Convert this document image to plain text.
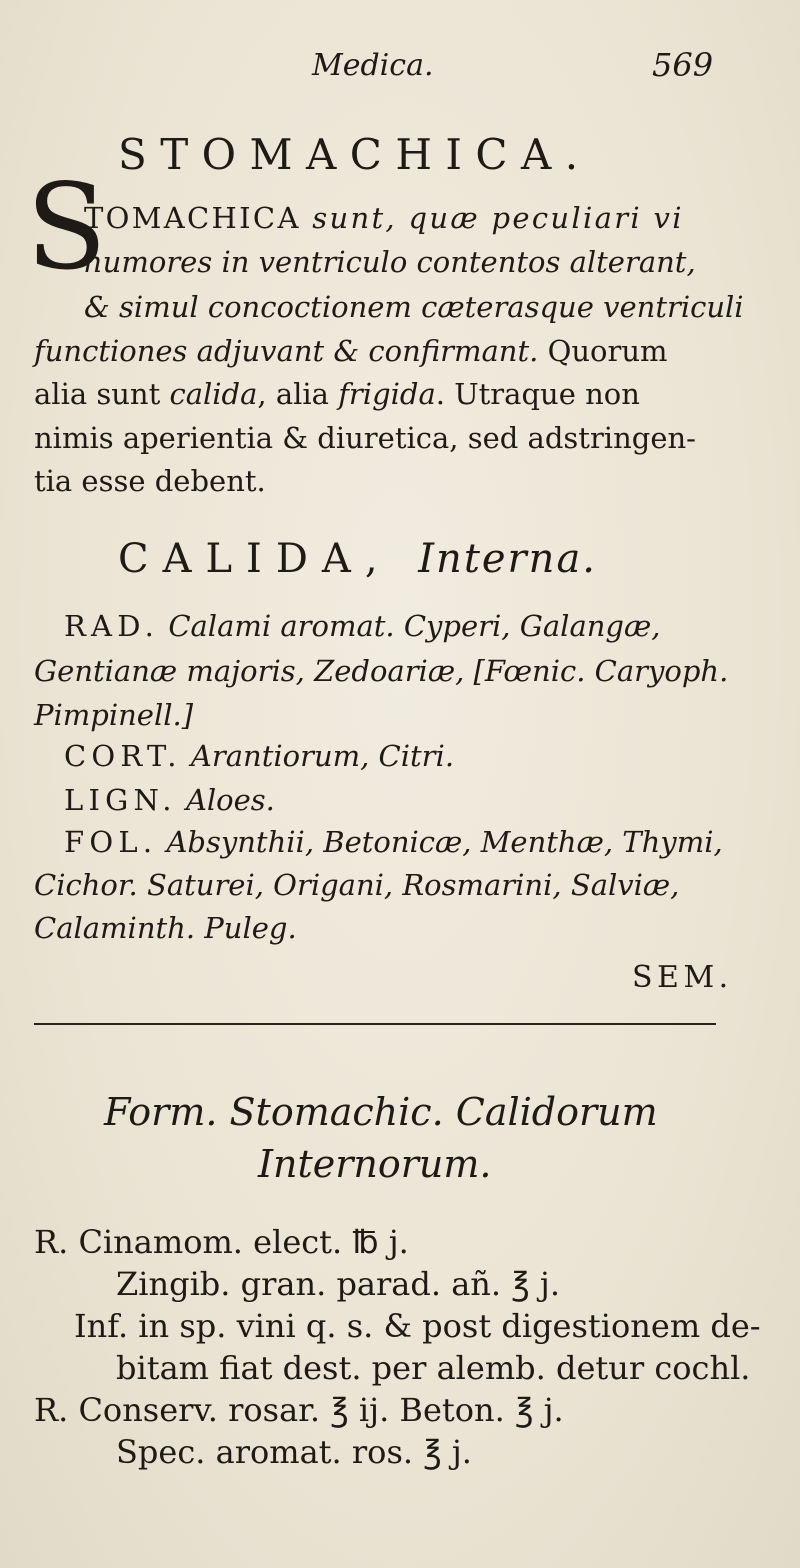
Medica.	569
STOMACHICA.
S
TOMACHICA sunt, quæ peculiari vi
humores in ventriculo contentos alterant,
& simul concoctionem cæterasque ventriculi
functiones adjuvant & confirmant. Quorum
alia sunt calida, alia frigida. Utraque non
nimis aperientia & diuretica, sed adstringen-
tia esse debent.
CALIDA, Interna.
RAD. Calami aromat. Cyperi, Galangæ,
Gentianæ majoris, Zedoariæ, [Fœnic. Caryoph.
Pimpinell.]
CORT. Arantiorum, Citri.
LIGN. Aloes.
FOL. Absynthii, Betonicæ, Menthæ, Thymi,
Cichor. Saturei, Origani, Rosmarini, Salviæ,
Calaminth. Puleg.
SEM.
Form. Stomachic. Calidorum
Internorum.
R. Cinamom. elect. ℔ j.
Zingib. gran. parad. añ. ℥ j.
Inf. in sp. vini q. s. & post digestionem de-
bitam fiat dest. per alemb. detur cochl.
R. Conserv. rosar. ℥ ij. Beton. ℥ j.
Spec. aromat. ros. ℥ j.
